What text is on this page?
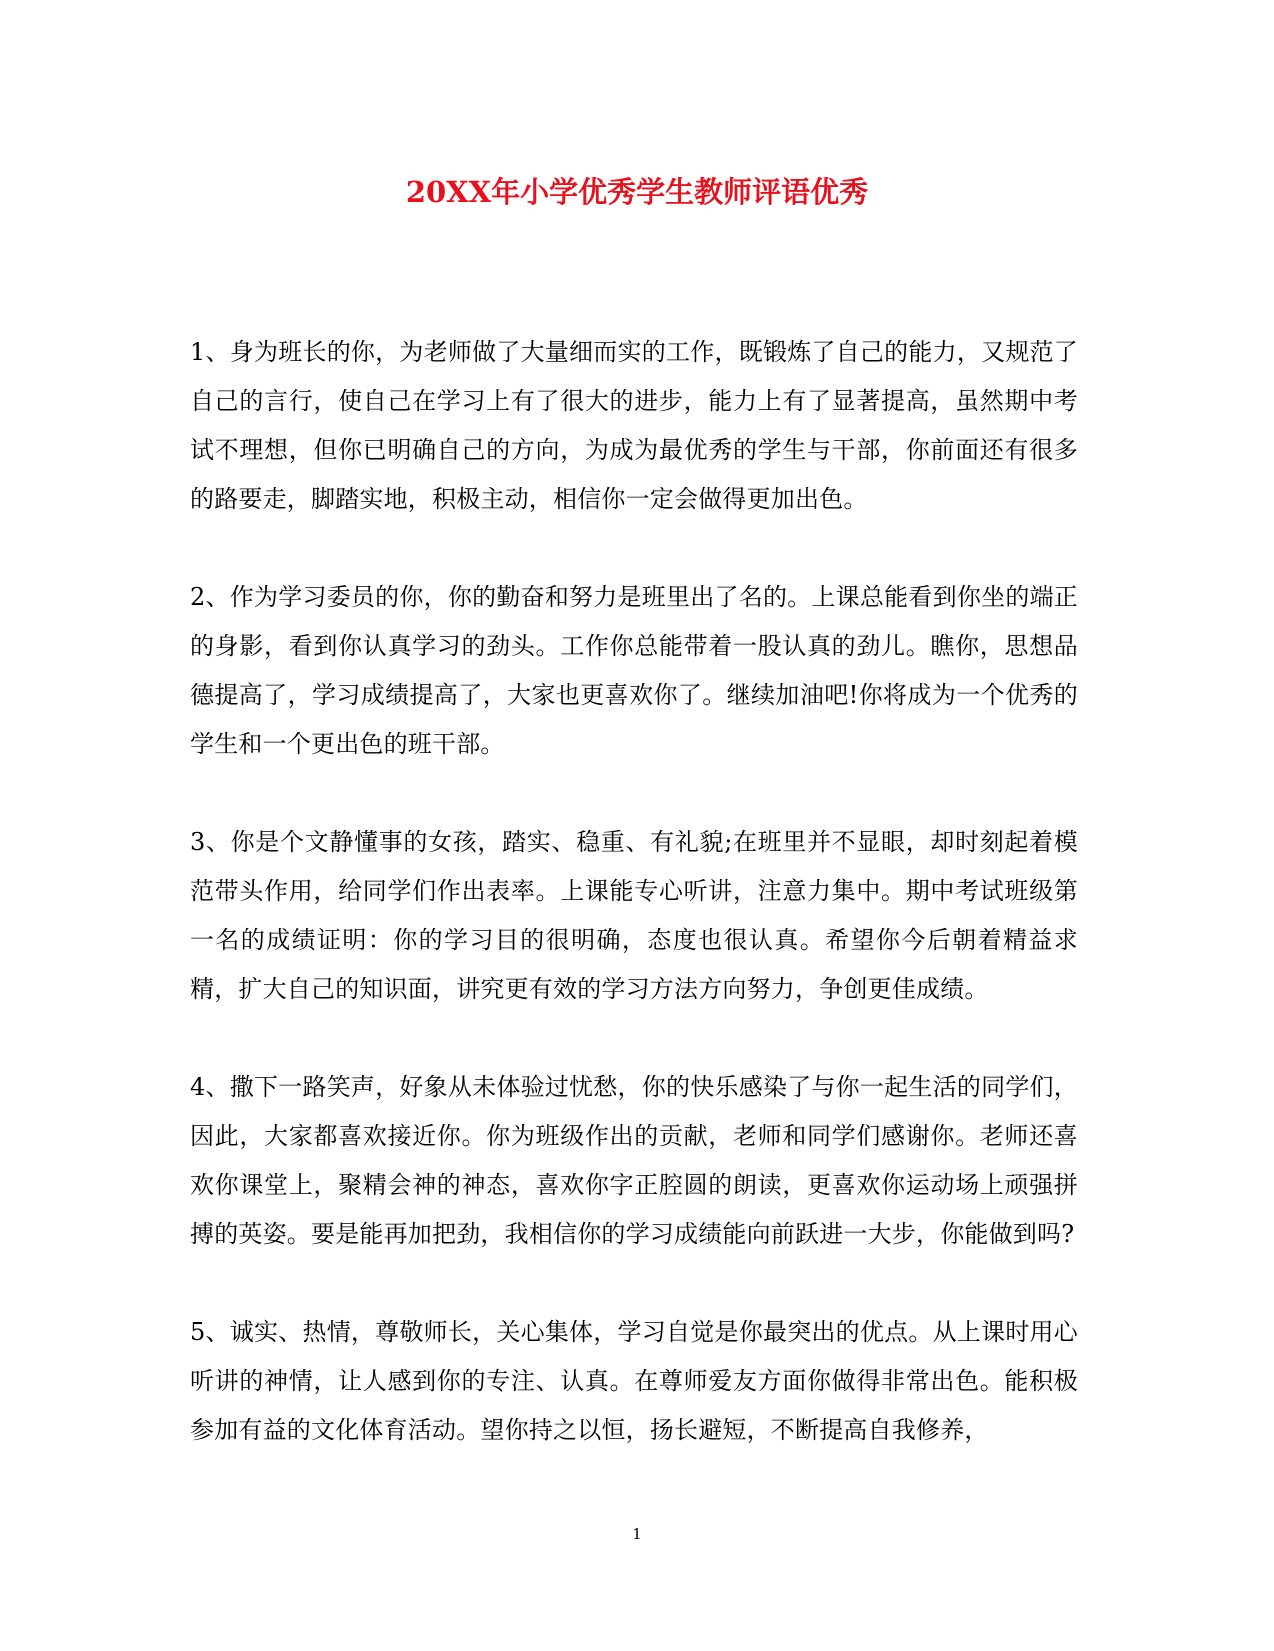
20XX年小学优秀学生教师评语优秀

1、身为班长的你，为老师做了大量细而实的工作，既锻炼了自己的能力，又规范了自己的言行，使自己在学习上有了很大的进步，能力上有了显著提高，虽然期中考试不理想，但你已明确自己的方向，为成为最优秀的学生与干部，你前面还有很多的路要走，脚踏实地，积极主动，相信你一定会做得更加出色。

2、作为学习委员的你，你的勤奋和努力是班里出了名的。上课总能看到你坐的端正的身影，看到你认真学习的劲头。工作你总能带着一股认真的劲儿。瞧你，思想品德提高了，学习成绩提高了，大家也更喜欢你了。继续加油吧!你将成为一个优秀的学生和一个更出色的班干部。

3、你是个文静懂事的女孩，踏实、稳重、有礼貌;在班里并不显眼，却时刻起着模范带头作用，给同学们作出表率。上课能专心听讲，注意力集中。期中考试班级第一名的成绩证明：你的学习目的很明确，态度也很认真。希望你今后朝着精益求精，扩大自己的知识面，讲究更有效的学习方法方向努力，争创更佳成绩。

4、撒下一路笑声，好象从未体验过忧愁，你的快乐感染了与你一起生活的同学们，因此，大家都喜欢接近你。你为班级作出的贡献，老师和同学们感谢你。老师还喜欢你课堂上，聚精会神的神态，喜欢你字正腔圆的朗读，更喜欢你运动场上顽强拼搏的英姿。要是能再加把劲，我相信你的学习成绩能向前跃进一大步，你能做到吗?

5、诚实、热情，尊敬师长，关心集体，学习自觉是你最突出的优点。从上课时用心听讲的神情，让人感到你的专注、认真。在尊师爱友方面你做得非常出色。能积极参加有益的文化体育活动。望你持之以恒，扬长避短，不断提高自我修养，

1
